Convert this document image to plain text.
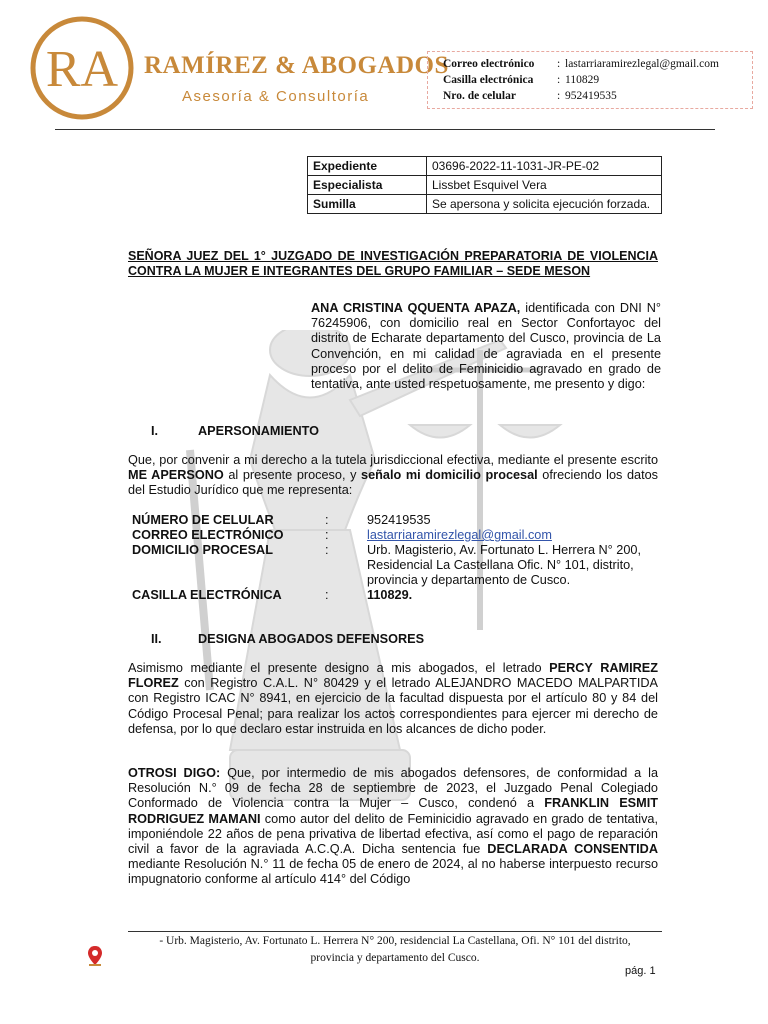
RA RAMÍREZ & ABOGADOS
Asesoría & Consultoría
Correo electrónico : lastarriaramirezlegal@gmail.com
Casilla electrónica : 110829
Nro. de celular	: 952419535
Expediente	03696-2022-11-1031-JR-PE-02
Especialista	Lissbet Esquivel Vera
Sumilla	Se apersona y solicita ejecución forzada.
SEÑORA JUEZ DEL 1° JUZGADO DE INVESTIGACIÓN PREPARATORIA DE VIOLENCIA CONTRA LA MUJER E INTEGRANTES DEL GRUPO FAMILIAR – SEDE MESON
ANA CRISTINA QQUENTA APAZA, identificada con DNI N° 76245906, con domicilio real en Sector Confortayoc del distrito de Echarate departamento del Cusco, provincia de La Convención, en mi calidad de agraviada en el presente proceso por el delito de Feminicidio agravado en grado de tentativa, ante usted respetuosamente, me presento y digo:
I.	APERSONAMIENTO
Que, por convenir a mi derecho a la tutela jurisdiccional efectiva, mediante el presente escrito ME APERSONO al presente proceso, y señalo mi domicilio procesal ofreciendo los datos del Estudio Jurídico que me representa:
NÚMERO DE CELULAR	:	952419535
CORREO ELECTRÓNICO	:	lastarriaramirezlegal@gmail.com
DOMICILIO PROCESAL	:	Urb. Magisterio, Av. Fortunato L. Herrera N° 200, Residencial La Castellana Ofic. N° 101, distrito, provincia y departamento de Cusco.
CASILLA ELECTRÓNICA	:	110829.
II.	DESIGNA ABOGADOS DEFENSORES
Asimismo mediante el presente designo a mis abogados, el letrado PERCY RAMIREZ FLOREZ con Registro C.A.L. N° 80429 y el letrado ALEJANDRO MACEDO MALPARTIDA con Registro ICAC N° 8941, en ejercicio de la facultad dispuesta por el artículo 80 y 84 del Código Procesal Penal; para realizar los actos correspondientes para ejercer mi derecho de defensa, por lo que declaro estar instruida en los alcances de dicho poder.
OTROSI DIGO: Que, por intermedio de mis abogados defensores, de conformidad a la Resolución N.° 09 de fecha 28 de septiembre de 2023, el Juzgado Penal Colegiado Conformado de Violencia contra la Mujer – Cusco, condenó a FRANKLIN ESMIT RODRIGUEZ MAMANI como autor del delito de Feminicidio agravado en grado de tentativa, imponiéndole 22 años de pena privativa de libertad efectiva, así como el pago de reparación civil a favor de la agraviada A.C.Q.A. Dicha sentencia fue DECLARADA CONSENTIDA mediante Resolución N.° 11 de fecha 05 de enero de 2024, al no haberse interpuesto recurso impugnatorio conforme al artículo 414° del Código
- Urb. Magisterio, Av. Fortunato L. Herrera N° 200, residencial La Castellana, Ofi. N° 101 del distrito,
provincia y departamento del Cusco.
pág. 1
